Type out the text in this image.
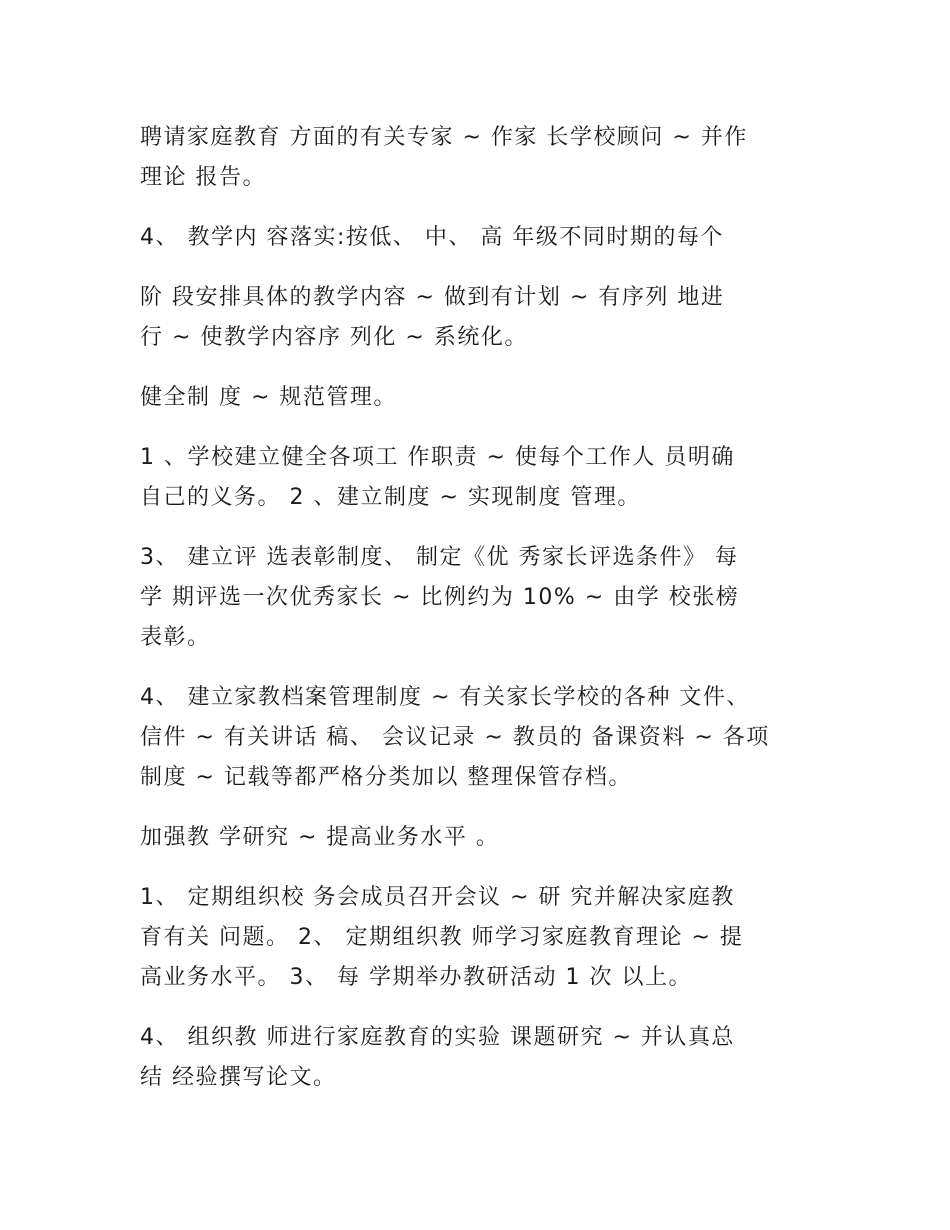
聘请家庭教育 方面的有关专家 ~ 作家 长学校顾问 ~ 并作
理论 报告。
4、 教学内 容落实:按低、 中、 高 年级不同时期的每个
阶 段安排具体的教学内容 ~ 做到有计划 ~ 有序列 地进
行 ~ 使教学内容序 列化 ~ 系统化。
健全制 度 ~ 规范管理。
1 、学校建立健全各项工 作职责 ~ 使每个工作人 员明确
自己的义务。 2 、建立制度 ~ 实现制度 管理。
3、 建立评 选表彰制度、 制定《优 秀家长评选条件》 每
学 期评选一次优秀家长 ~ 比例约为 10% ~ 由学 校张榜
表彰。
4、 建立家教档案管理制度 ~ 有关家长学校的各种 文件、
信件 ~ 有关讲话 稿、 会议记录 ~ 教员的 备课资料 ~ 各项
制度 ~ 记载等都严格分类加以 整理保管存档。
加强教 学研究 ~ 提高业务水平 。
1、 定期组织校 务会成员召开会议 ~ 研 究并解决家庭教
育有关 问题。 2、 定期组织教 师学习家庭教育理论 ~ 提
高业务水平。 3、 每 学期举办教研活动 1 次 以上。
4、 组织教 师进行家庭教育的实验 课题研究 ~ 并认真总
结 经验撰写论文。
